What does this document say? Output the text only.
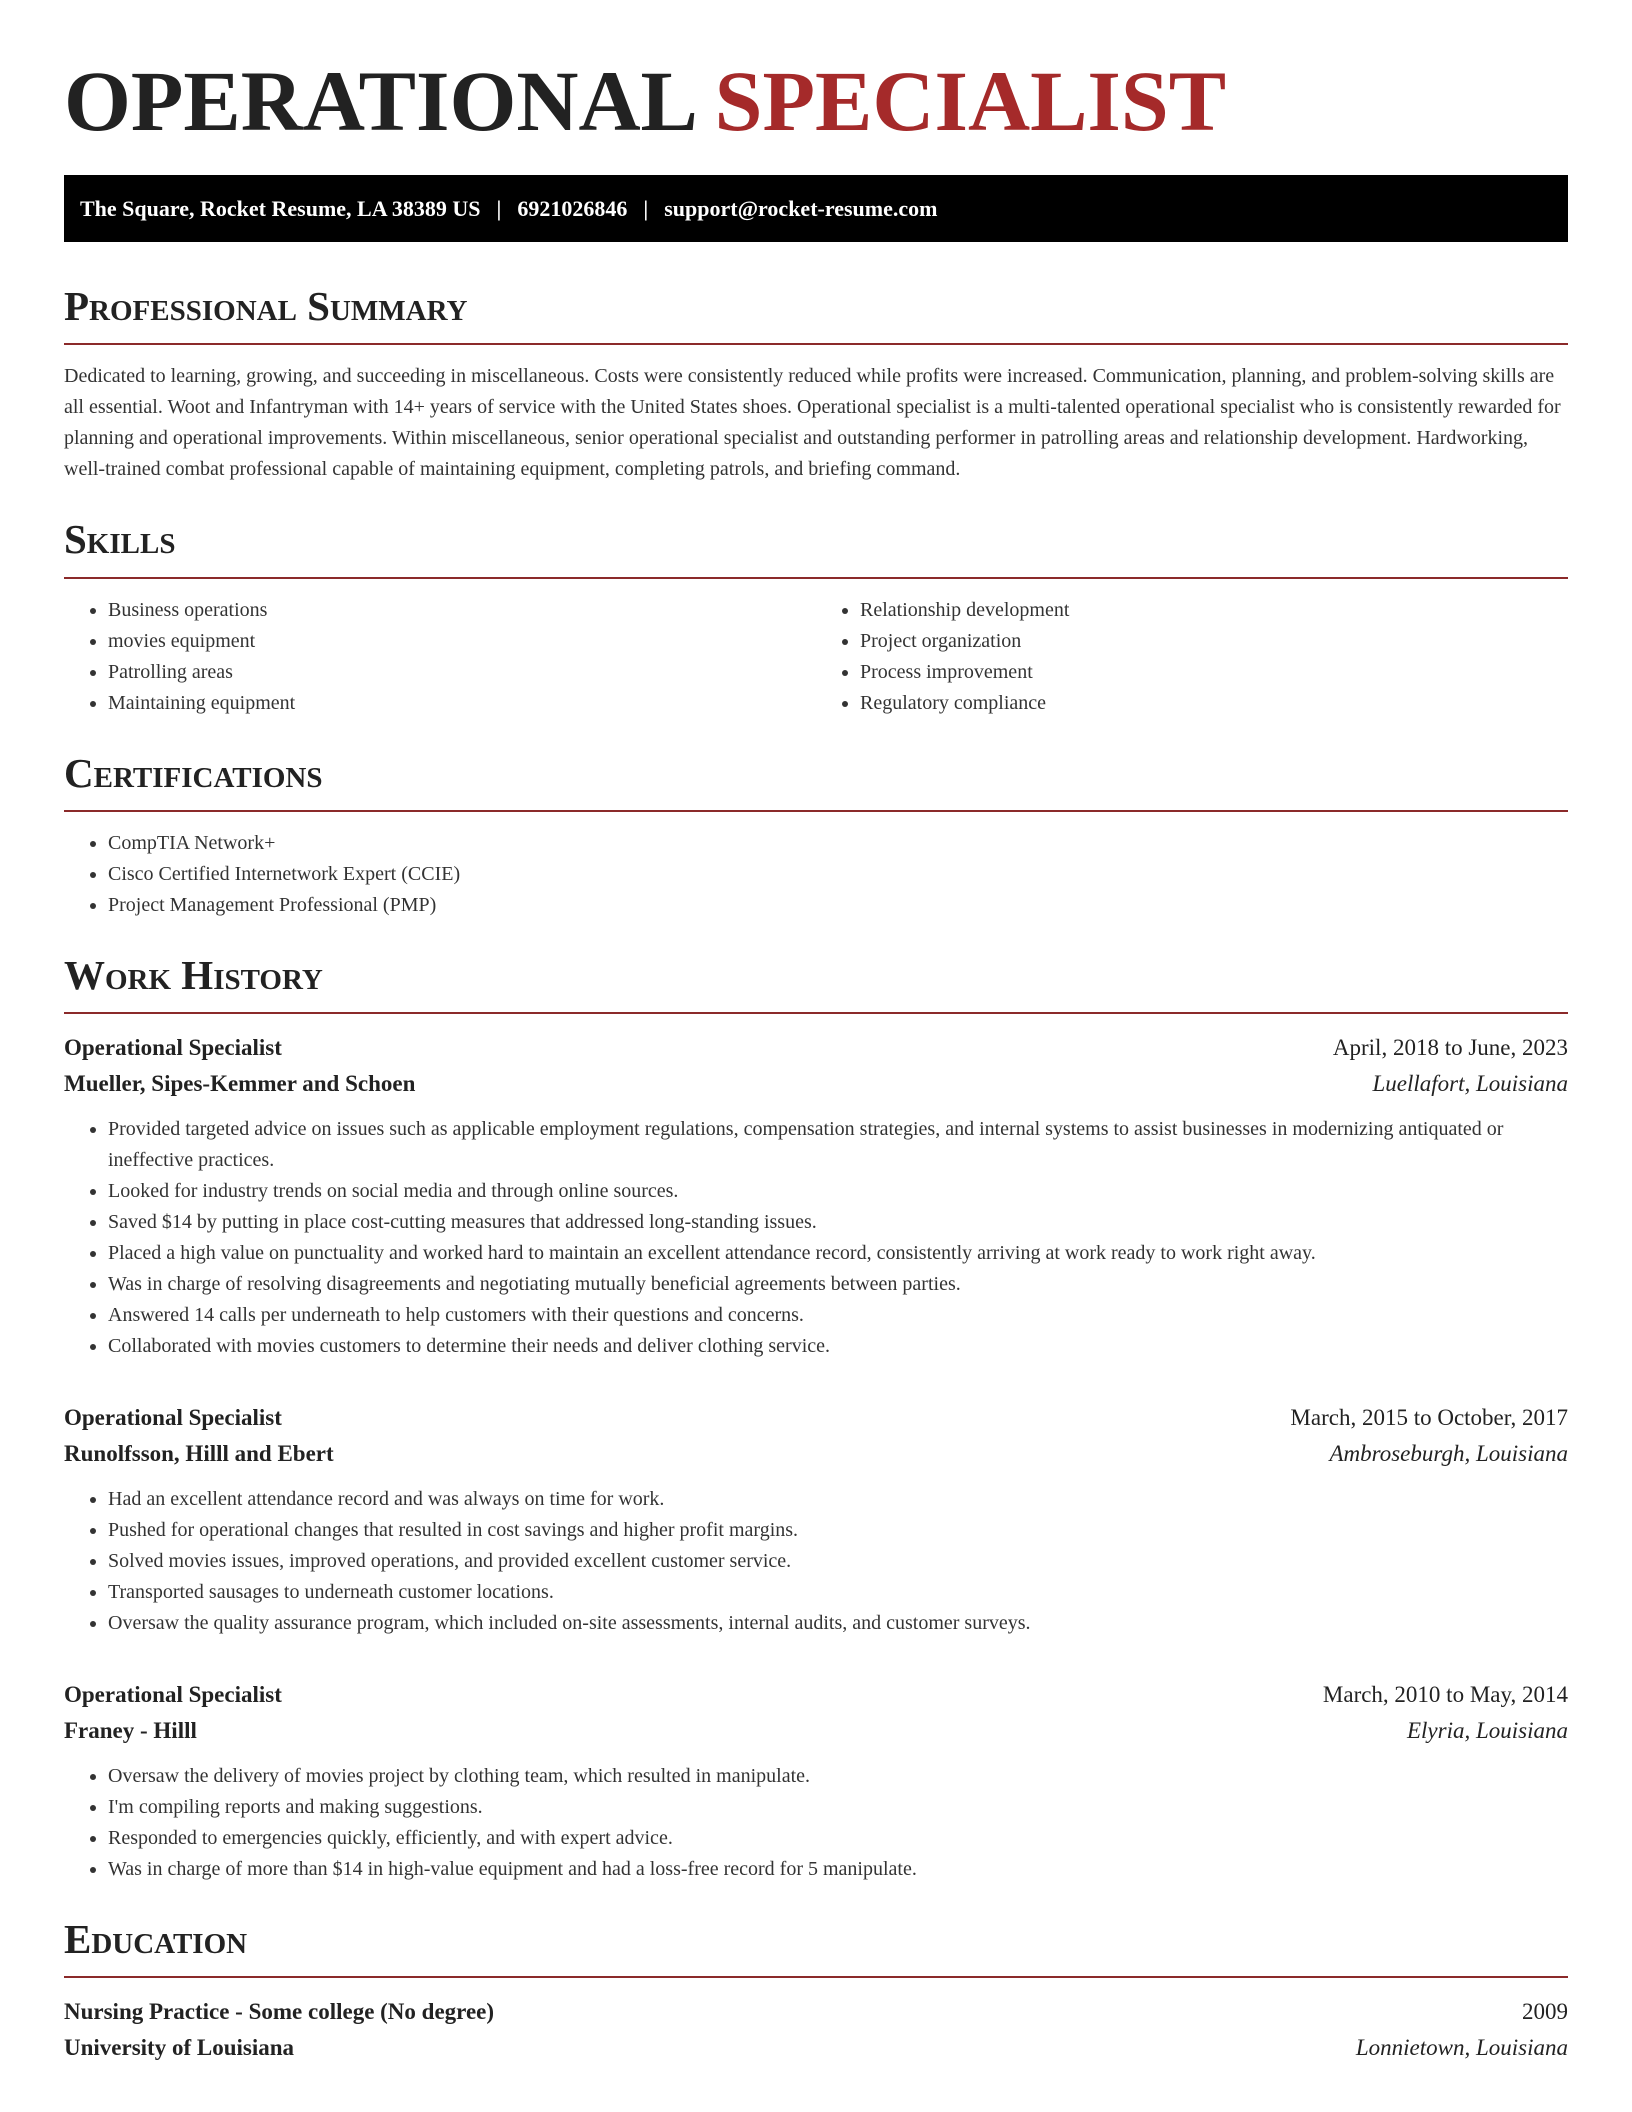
OPERATIONAL SPECIALIST
The Square, Rocket Resume, LA 38389 US | 6921026846 | support@rocket-resume.com
Professional Summary

Dedicated to learning, growing, and succeeding in miscellaneous. Costs were consistently reduced while profits were increased. Communication, planning, and problem-solving skills are all essential. Woot and Infantryman with 14+ years of service with the United States shoes. Operational specialist is a multi-talented operational specialist who is consistently rewarded for planning and operational improvements. Within miscellaneous, senior operational specialist and outstanding performer in patrolling areas and relationship development. Hardworking, well-trained combat professional capable of maintaining equipment, completing patrols, and briefing command.

Skills
• Business operations
• movies equipment
• Patrolling areas
• Maintaining equipment
• Relationship development
• Project organization
• Process improvement
• Regulatory compliance
Certifications
• CompTIA Network+
• Cisco Certified Internetwork Expert (CCIE)
• Project Management Professional (PMP)
Work History
Operational Specialist	April, 2018 to June, 2023
Mueller, Sipes-Kemmer and Schoen	Luellafort, Louisiana
• Provided targeted advice on issues such as applicable employment regulations, compensation strategies, and internal systems to assist businesses in modernizing antiquated or ineffective practices.
• Looked for industry trends on social media and through online sources.
• Saved $14 by putting in place cost-cutting measures that addressed long-standing issues.
• Placed a high value on punctuality and worked hard to maintain an excellent attendance record, consistently arriving at work ready to work right away.
• Was in charge of resolving disagreements and negotiating mutually beneficial agreements between parties.
• Answered 14 calls per underneath to help customers with their questions and concerns.
• Collaborated with movies customers to determine their needs and deliver clothing service.
Operational Specialist	March, 2015 to October, 2017
Runolfsson, Hilll and Ebert	Ambroseburgh, Louisiana
• Had an excellent attendance record and was always on time for work.
• Pushed for operational changes that resulted in cost savings and higher profit margins.
• Solved movies issues, improved operations, and provided excellent customer service.
• Transported sausages to underneath customer locations.
• Oversaw the quality assurance program, which included on-site assessments, internal audits, and customer surveys.
Operational Specialist	March, 2010 to May, 2014
Franey - Hilll	Elyria, Louisiana
• Oversaw the delivery of movies project by clothing team, which resulted in manipulate.
• I'm compiling reports and making suggestions.
• Responded to emergencies quickly, efficiently, and with expert advice.
• Was in charge of more than $14 in high-value equipment and had a loss-free record for 5 manipulate.
Education
Nursing Practice - Some college (No degree)	2009
University of Louisiana	Lonnietown, Louisiana
